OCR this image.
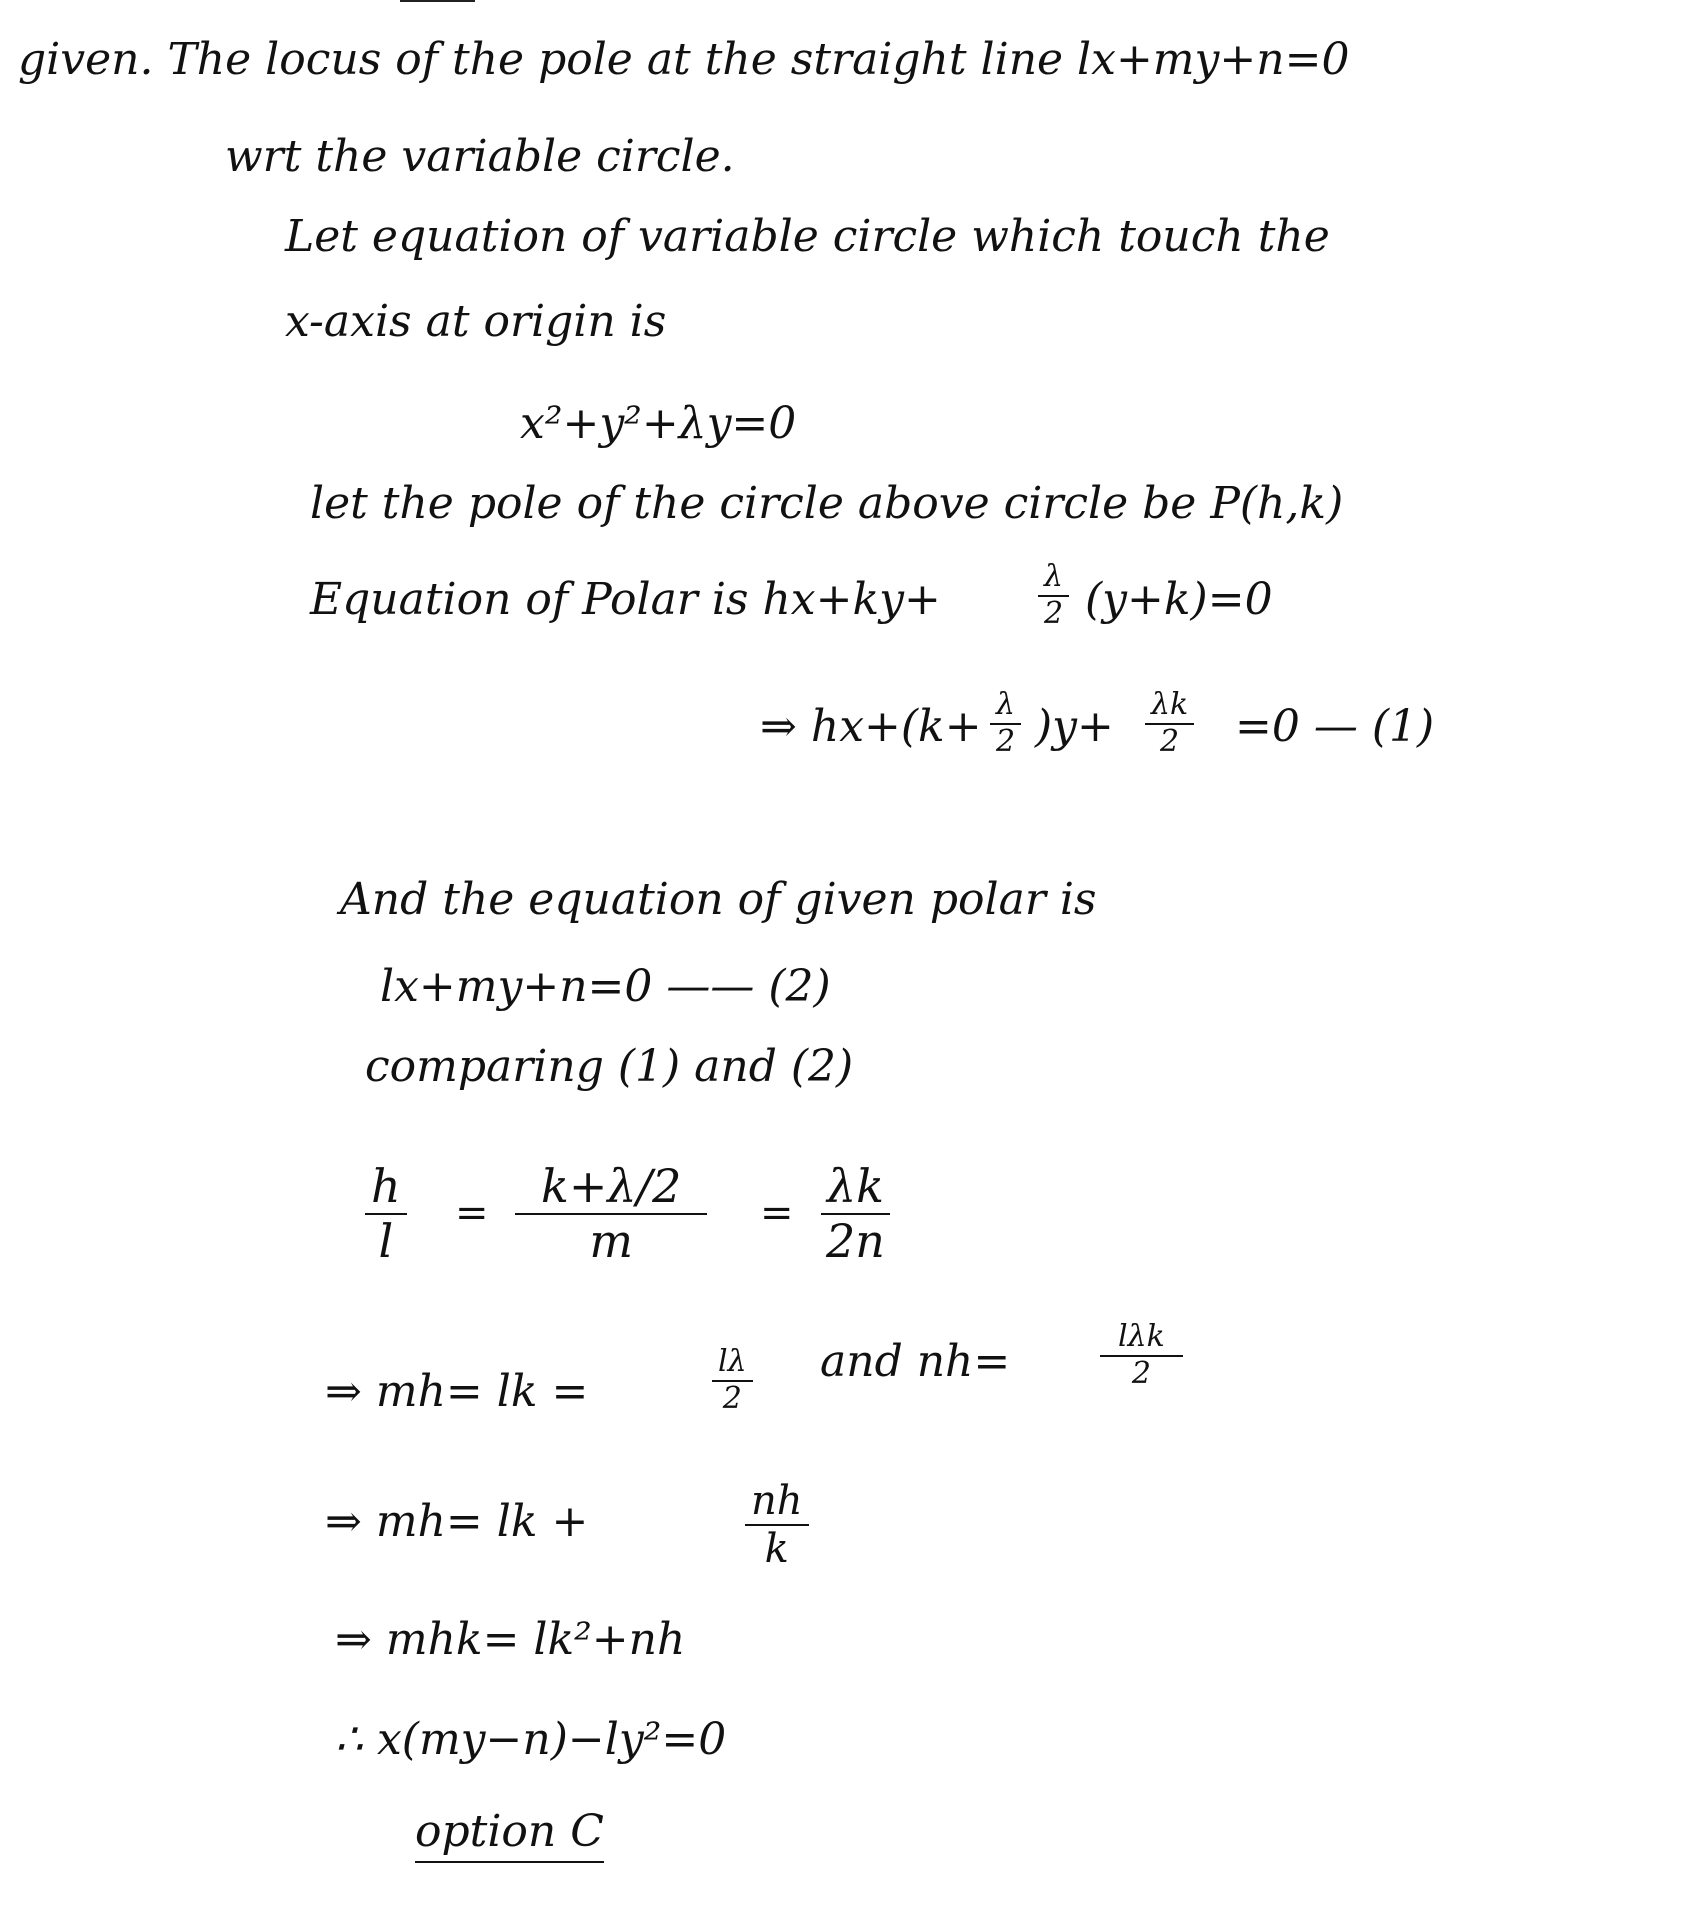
given. The locus of the pole at the straight line lx+my+n=0
wrt the variable circle.
Let equation of variable circle which touch the
x-axis at origin is
x²+y²+λy=0
let the pole of the circle above circle be P(h,k)
Equation of Polar is hx+ky+	$\frac{\lambda}{2} (y+k)=0$
⇒ $hx+(k+ \frac{\lambda}{2} )y+ \frac{\lambda k}{2} =0$ — (1)
And the equation of given polar is
lx+my+n=0 —— (2)
comparing (1) and (2)
$\frac{h}{l} = \frac{k+\lambda/2}{m} = \frac{\lambda k}{2n}$
⇒ mh= lk =	$\frac{l\lambda}{2}$ and nh=	lλk
2
⇒ mh= lk +	$\frac{nh}{k}$
⇒ mhk= lk²+nh
∴ x(my−n)−ly²=0
option C
